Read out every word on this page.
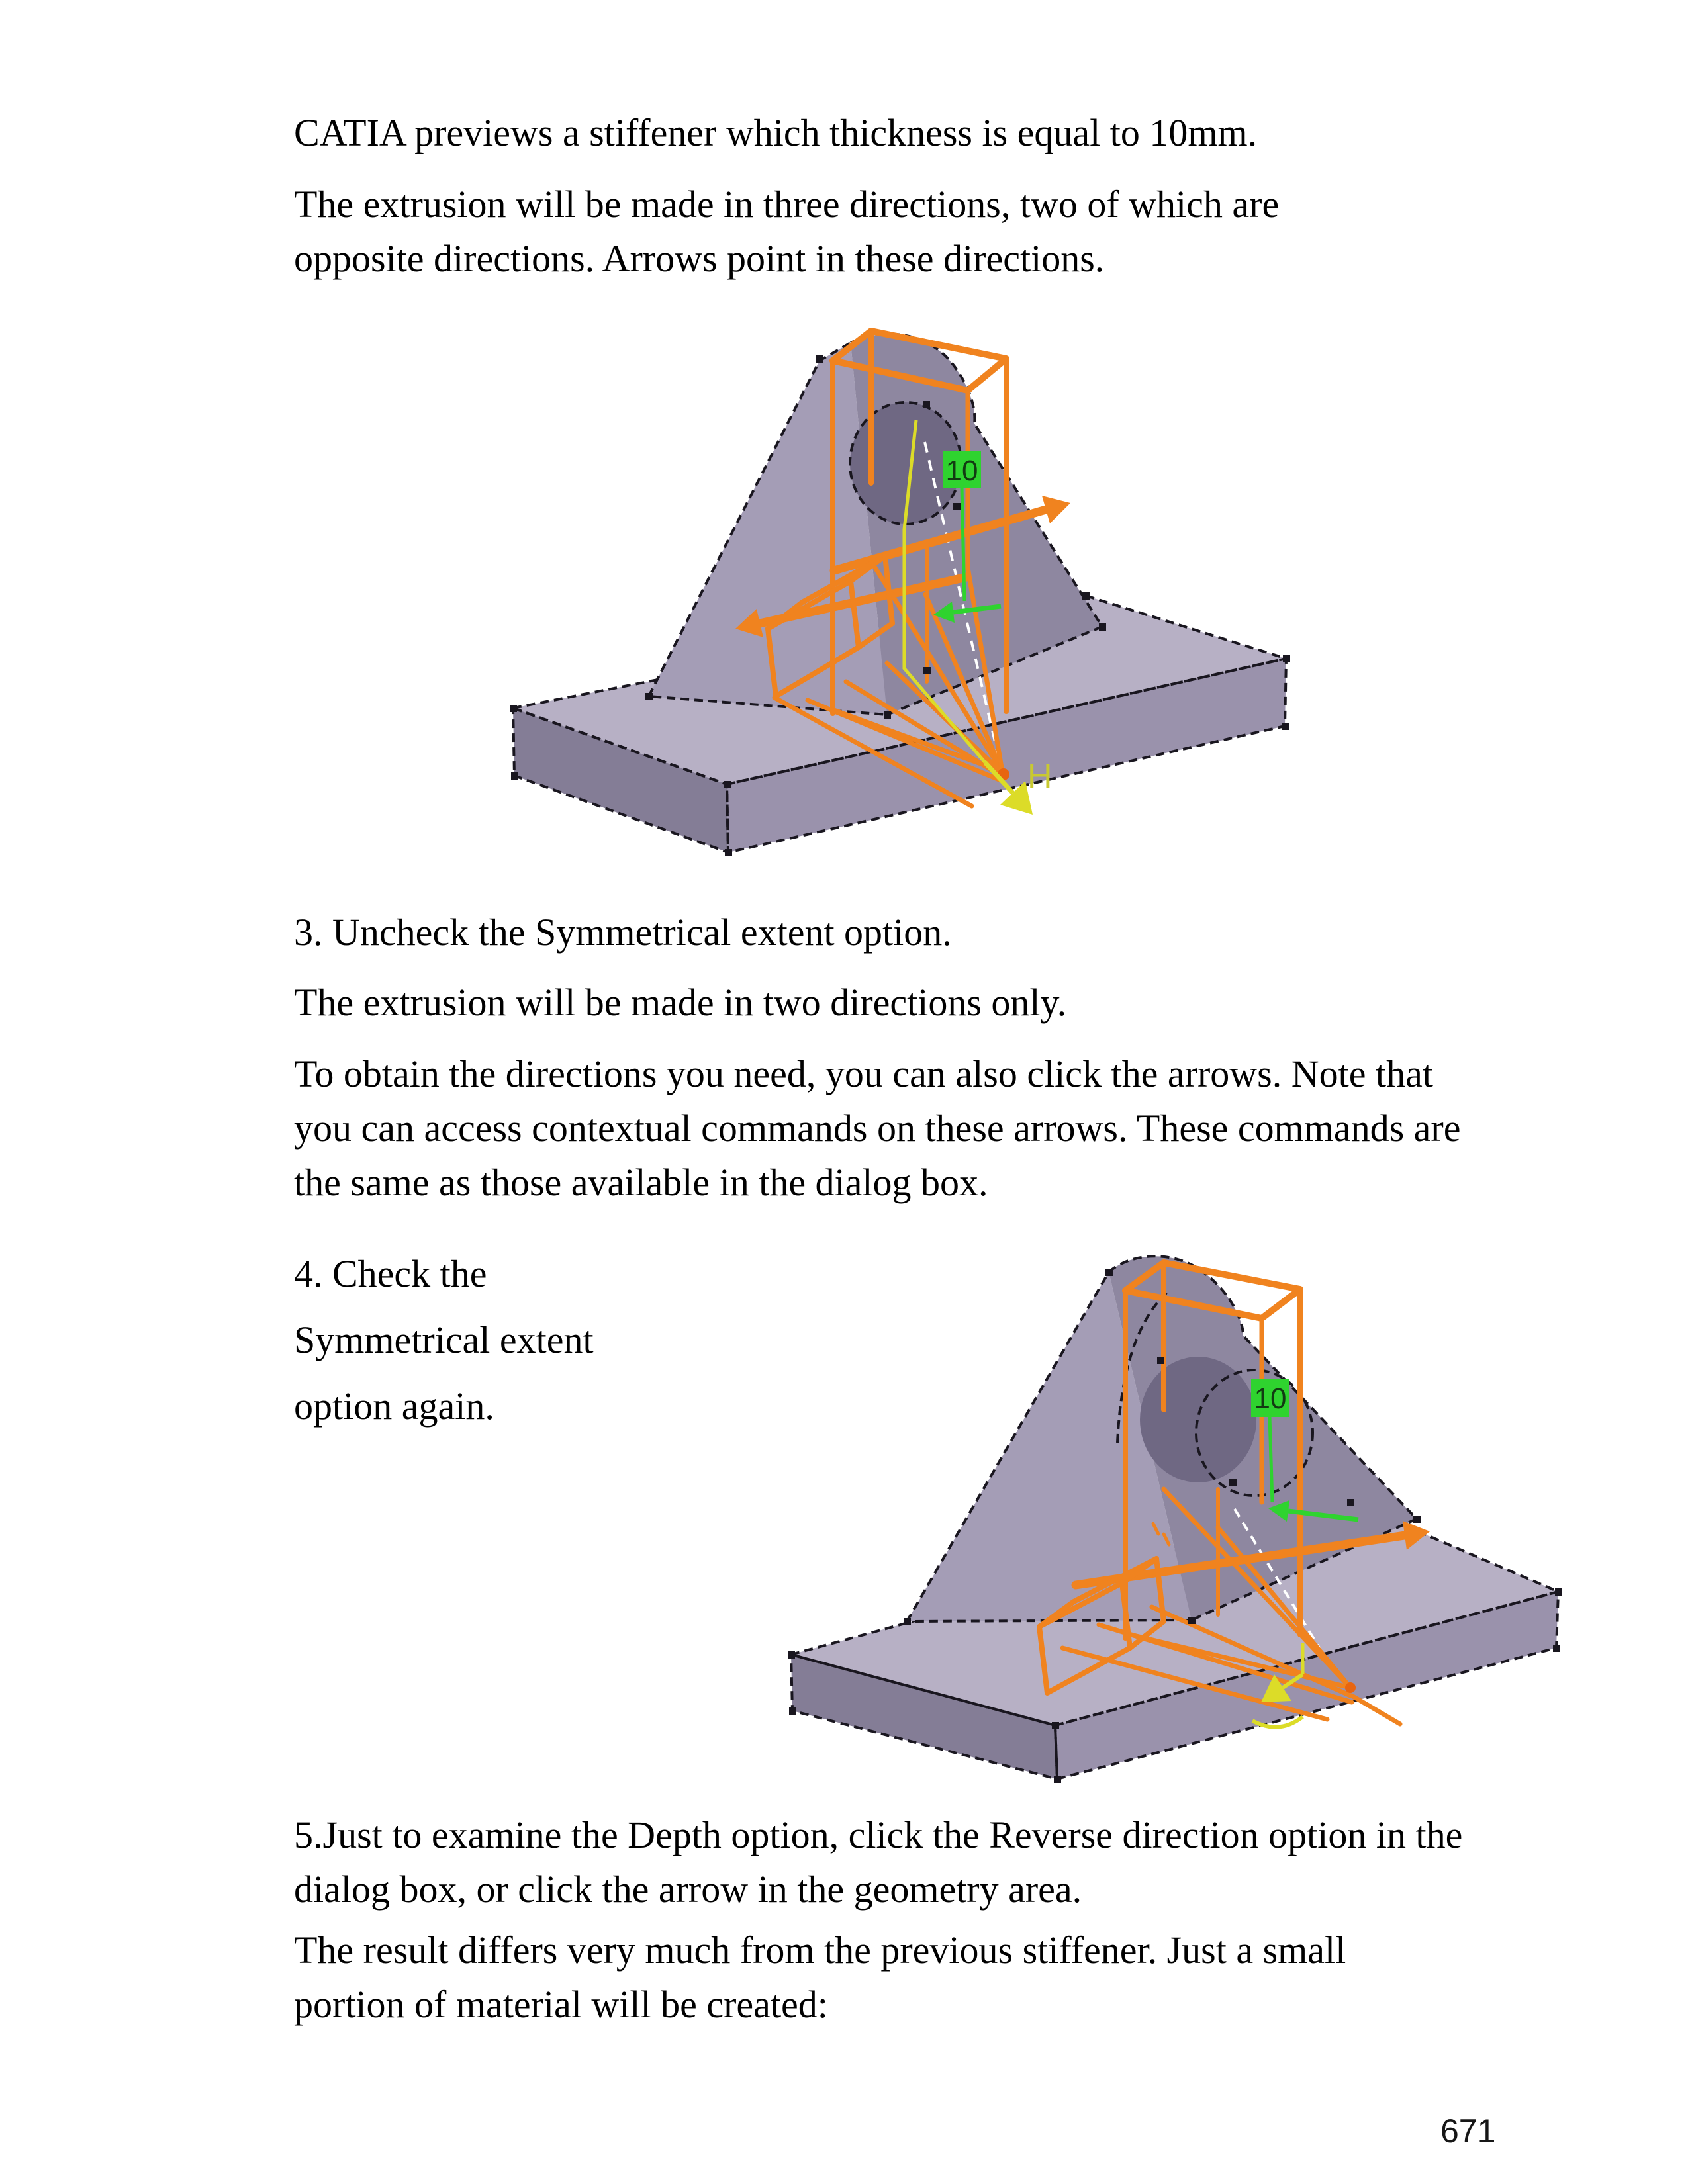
CATIA previews a stiffener which thickness is equal to 10mm.
The extrusion will be made in three directions, two of which are
opposite directions. Arrows point in these directions.
10
H
3. Uncheck the Symmetrical extent option.
The extrusion will be made in two directions only.
To obtain the directions you need, you can also click the arrows. Note that
you can access contextual commands on these arrows. These commands are
the same as those available in the dialog box.
4. Check the
Symmetrical extent
option again.	10
5.Just to examine the Depth option, click the Reverse direction option in the
dialog box, or click the arrow in the geometry area.
The result differs very much from the previous stiffener. Just a small
portion of material will be created:
671
